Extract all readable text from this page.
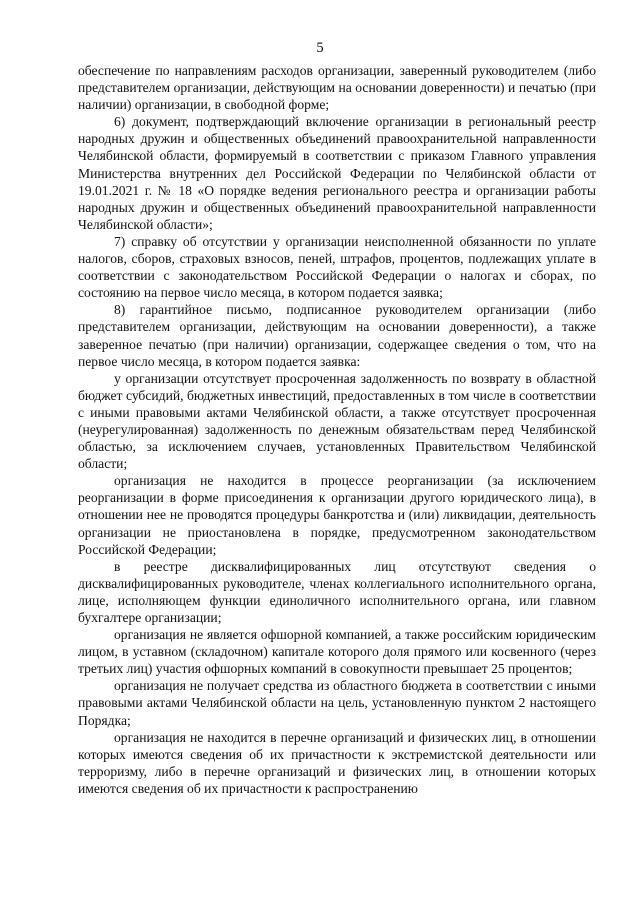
5

обеспечение по направлениям расходов организации, заверенный руководителем (либо представителем организации, действующим на основании доверенности) и печатью (при наличии) организации, в свободной форме;

6) документ, подтверждающий включение организации в региональный реестр народных дружин и общественных объединений правоохранительной направленности Челябинской области, формируемый в соответствии с приказом Главного управления Министерства внутренних дел Российской Федерации по Челябинской области от 19.01.2021 г. № 18 «О порядке ведения регионального реестра и организации работы народных дружин и общественных объединений правоохранительной направленности Челябинской области»;

7) справку об отсутствии у организации неисполненной обязанности по уплате налогов, сборов, страховых взносов, пеней, штрафов, процентов, подлежащих уплате в соответствии с законодательством Российской Федерации о налогах и сборах, по состоянию на первое число месяца, в котором подается заявка;

8) гарантийное письмо, подписанное руководителем организации (либо представителем организации, действующим на основании доверенности), а также заверенное печатью (при наличии) организации, содержащее сведения о том, что на первое число месяца, в котором подается заявка:

у организации отсутствует просроченная задолженность по возврату в областной бюджет субсидий, бюджетных инвестиций, предоставленных в том числе в соответствии с иными правовыми актами Челябинской области, а также отсутствует просроченная (неурегулированная) задолженность по денежным обязательствам перед Челябинской областью, за исключением случаев, установленных Правительством Челябинской области;

организация не находится в процессе реорганизации (за исключением реорганизации в форме присоединения к организации другого юридического лица), в отношении нее не проводятся процедуры банкротства и (или) ликвидации, деятельность организации не приостановлена в порядке, предусмотренном законодательством Российской Федерации;

в реестре дисквалифицированных лиц отсутствуют сведения о дисквалифицированных руководителе, членах коллегиального исполнительного органа, лице, исполняющем функции единоличного исполнительного органа, или главном бухгалтере организации;

организация не является офшорной компанией, а также российским юридическим лицом, в уставном (складочном) капитале которого доля прямого или косвенного (через третьих лиц) участия офшорных компаний в совокупности превышает 25 процентов;

организация не получает средства из областного бюджета в соответствии с иными правовыми актами Челябинской области на цель, установленную пунктом 2 настоящего Порядка;

организация не находится в перечне организаций и физических лиц, в отношении которых имеются сведения об их причастности к экстремистской деятельности или терроризму, либо в перечне организаций и физических лиц, в отношении которых имеются сведения об их причастности к распространению
